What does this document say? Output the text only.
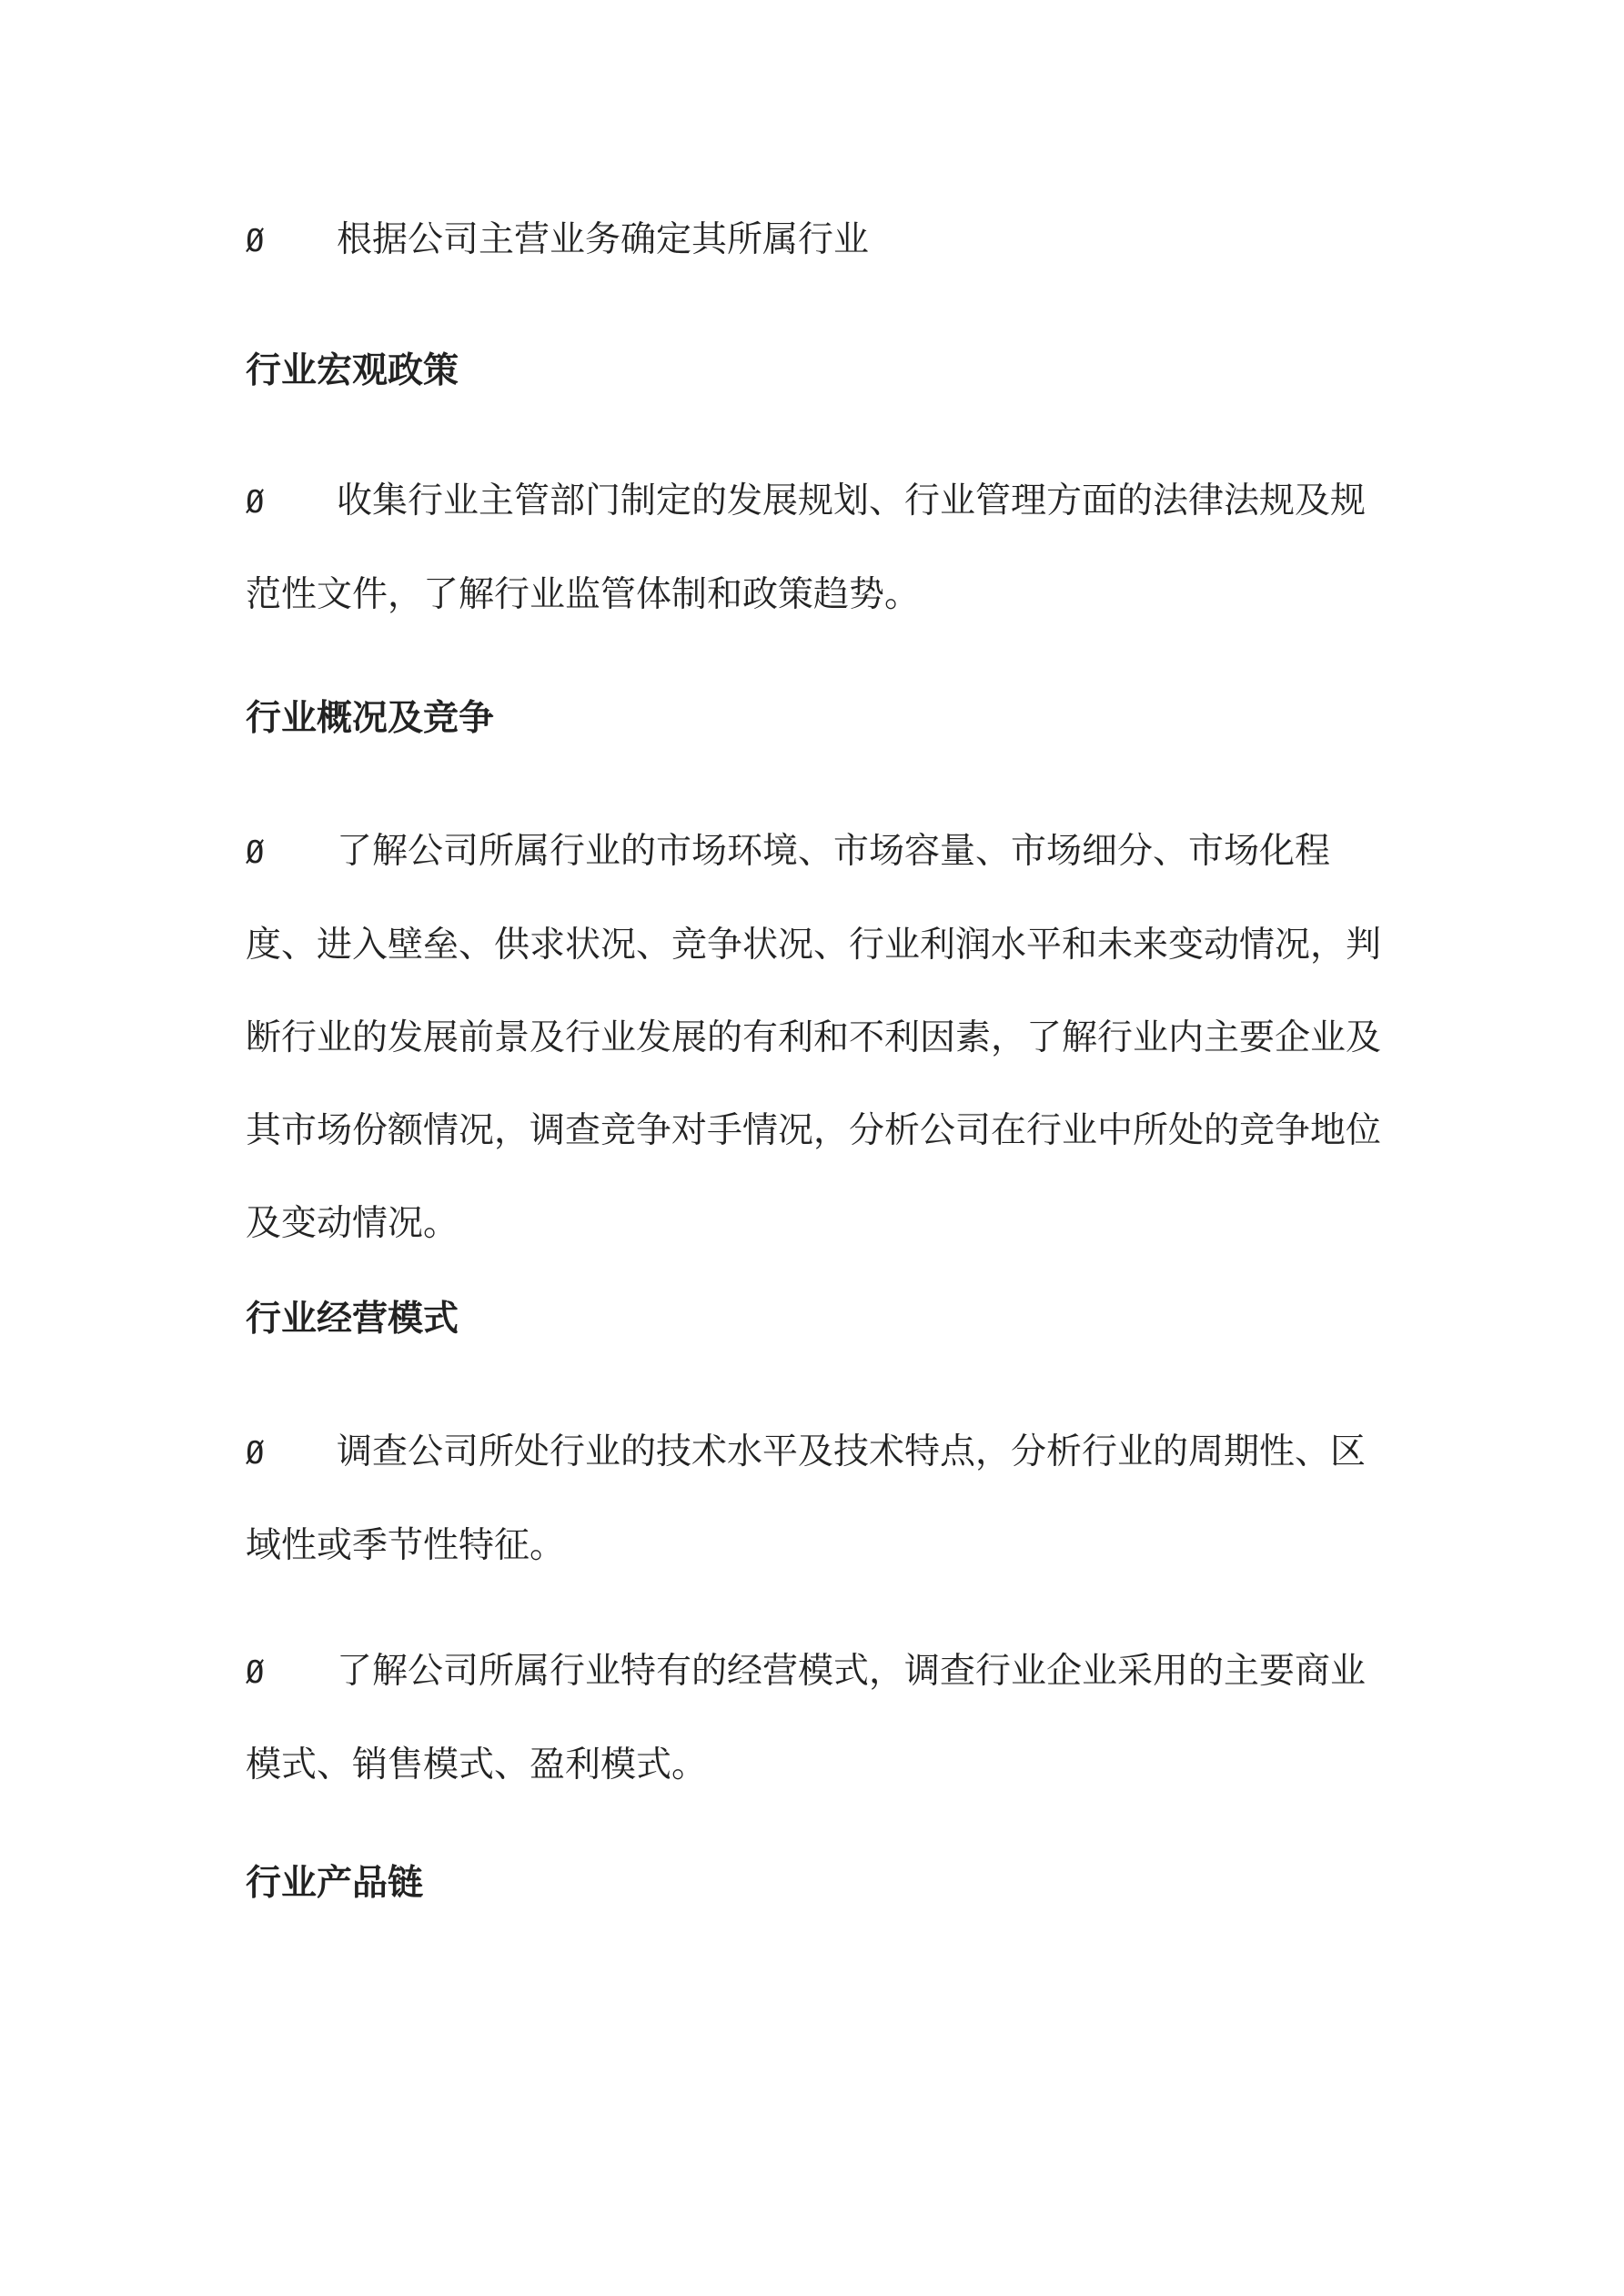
Ø 根据公司主营业务确定其所属行业

行业宏观政策

Ø 收集行业主管部门制定的发展规划、行业管理方面的法律法规及规范性文件，了解行业监管体制和政策趋势。

行业概况及竞争

Ø 了解公司所属行业的市场环境、市场容量、市场细分、市场化程度、进入壁垒、供求状况、竞争状况、行业利润水平和未来变动情况，判断行业的发展前景及行业发展的有利和不利因素，了解行业内主要企业及其市场份额情况，调查竞争对手情况，分析公司在行业中所处的竞争地位及变动情况。

行业经营模式

Ø 调查公司所处行业的技术水平及技术特点，分析行业的周期性、区域性或季节性特征。

Ø 了解公司所属行业特有的经营模式，调查行业企业采用的主要商业模式、销售模式、盈利模式。

行业产品链
